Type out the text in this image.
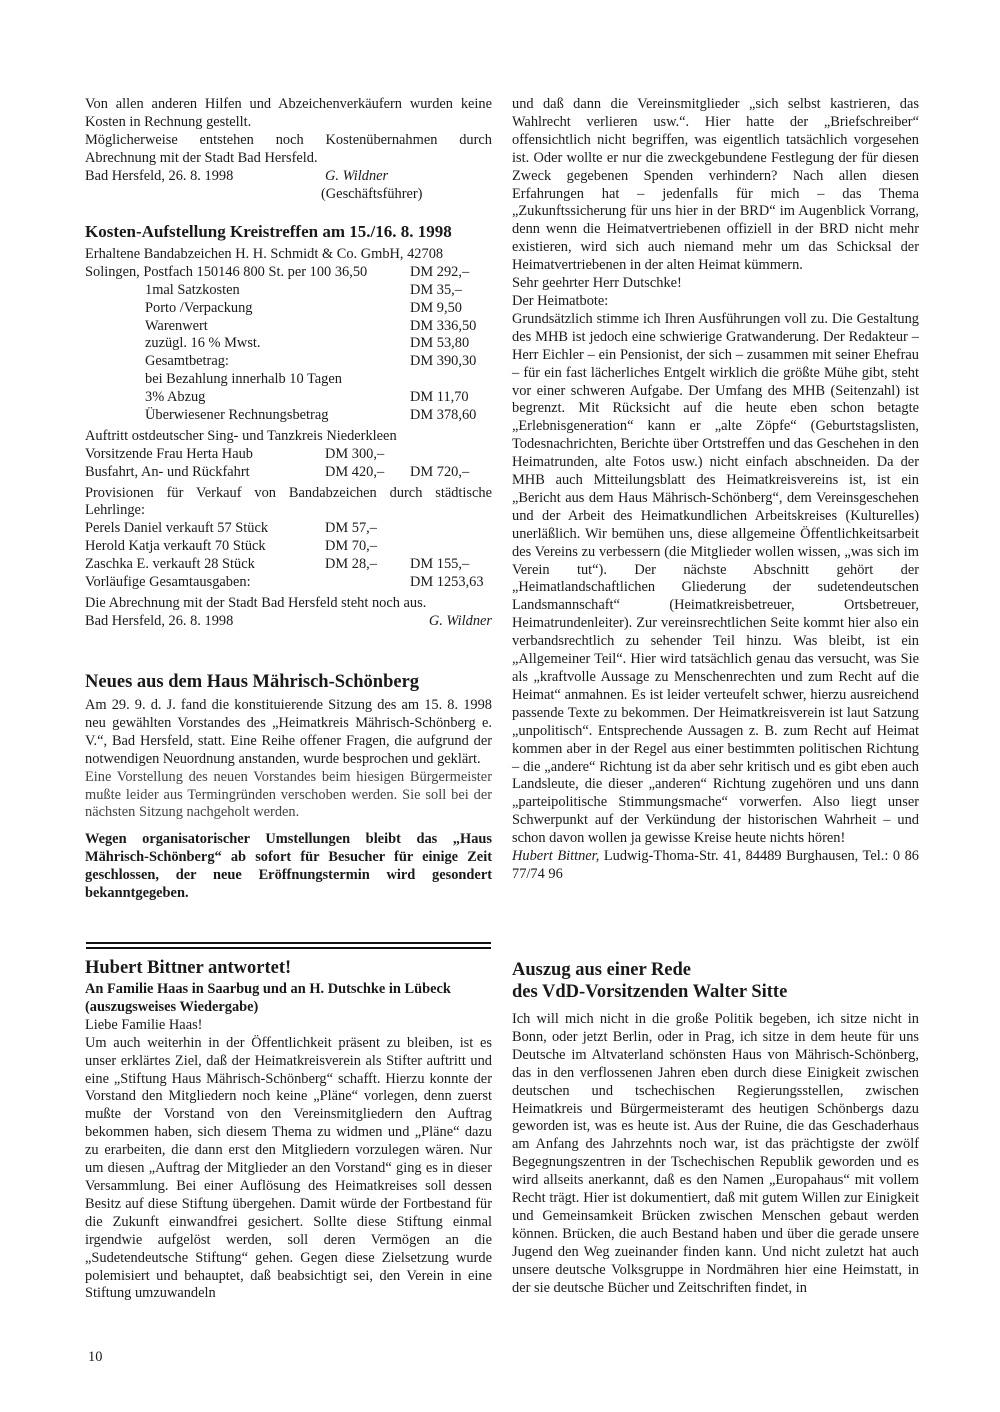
Von allen anderen Hilfen und Abzeichenverkäufern wurden keine Kosten in Rechnung gestellt.

Möglicherweise entstehen noch Kostenübernahmen durch Abrechnung mit der Stadt Bad Hersfeld.

Bad Hersfeld, 26. 8. 1998	G. Wildner
(Geschäftsführer)

Kosten-Aufstellung Kreistreffen am 15./16. 8. 1998

Erhaltene Bandabzeichen H. H. Schmidt & Co. GmbH, 42708
Solingen, Postfach 150146 800 St. per 100 36,50	DM 292,–
1mal Satzkosten	DM 35,–
Porto /Verpackung	DM 9,50
Warenwert	DM 336,50
zuzügl. 16 % Mwst.	DM 53,80
Gesamtbetrag:	DM 390,30
bei Bezahlung innerhalb 10 Tagen
3% Abzug	DM 11,70
Überwiesener Rechnungsbetrag	DM 378,60
Auftritt ostdeutscher Sing- und Tanzkreis Niederkleen
Vorsitzende Frau Herta Haub	DM 300,–
Busfahrt, An- und Rückfahrt	DM 420,– DM 720,–

Provisionen für Verkauf von Bandabzeichen durch städtische Lehrlinge:

Perels Daniel verkauft 57 Stück	DM 57,–
Herold Katja verkauft 70 Stück	DM 70,–
Zaschka E. verkauft 28 Stück	DM 28,– DM 155,–
Vorläufige Gesamtausgaben:	DM 1253,63

Die Abrechnung mit der Stadt Bad Hersfeld steht noch aus.

Bad Hersfeld, 26. 8. 1998	G. Wildner

Neues aus dem Haus Mährisch-Schönberg

Am 29. 9. d. J. fand die konstituierende Sitzung des am 15. 8. 1998 neu gewählten Vorstandes des „Heimatkreis Mährisch-Schönberg e. V.“, Bad Hersfeld, statt. Eine Reihe offener Fragen, die aufgrund der notwendigen Neuordnung anstanden, wurde besprochen und geklärt.

Eine Vorstellung des neuen Vorstandes beim hiesigen Bürgermeister mußte leider aus Termingründen verschoben werden. Sie soll bei der nächsten Sitzung nachgeholt werden.

Wegen organisatorischer Umstellungen bleibt das „Haus Mährisch-Schönberg“ ab sofort für Besucher für einige Zeit geschlossen, der neue Eröffnungstermin wird gesondert bekanntgegeben.

Hubert Bittner antwortet!

An Familie Haas in Saarbug und an H. Dutschke in Lübeck

(auszugsweises Wiedergabe)

Liebe Familie Haas!

Um auch weiterhin in der Öffentlichkeit präsent zu bleiben, ist es unser erklärtes Ziel, daß der Heimatkreisverein als Stifter auftritt und eine „Stiftung Haus Mährisch-Schönberg“ schafft. Hierzu konnte der Vorstand den Mitgliedern noch keine „Pläne“ vorlegen, denn zuerst mußte der Vorstand von den Vereinsmitgliedern den Auftrag bekommen haben, sich diesem Thema zu widmen und „Pläne“ dazu zu erarbeiten, die dann erst den Mitgliedern vorzulegen wären. Nur um diesen „Auftrag der Mitglieder an den Vorstand“ ging es in dieser Versammlung. Bei einer Auflösung des Heimatkreises soll dessen Besitz auf diese Stiftung übergehen. Damit würde der Fortbestand für die Zukunft einwandfrei gesichert. Sollte diese Stiftung einmal irgendwie aufgelöst werden, soll deren Vermögen an die „Sudetendeutsche Stiftung“ gehen. Gegen diese Zielsetzung wurde polemisiert und behauptet, daß beabsichtigt sei, den Verein in eine Stiftung umzuwandeln

und daß dann die Vereinsmitglieder „sich selbst kastrieren, das Wahlrecht verlieren usw.“. Hier hatte der „Briefschreiber“ offensichtlich nicht begriffen, was eigentlich tatsächlich vorgesehen ist. Oder wollte er nur die zweckgebundene Festlegung der für diesen Zweck gegebenen Spenden verhindern? Nach allen diesen Erfahrungen hat – jedenfalls für mich – das Thema „Zukunftssicherung für uns hier in der BRD“ im Augenblick Vorrang, denn wenn die Heimatvertriebenen offiziell in der BRD nicht mehr existieren, wird sich auch niemand mehr um das Schicksal der Heimatvertriebenen in der alten Heimat kümmern.

Sehr geehrter Herr Dutschke!

Der Heimatbote:

Grundsätzlich stimme ich Ihren Ausführungen voll zu. Die Gestaltung des MHB ist jedoch eine schwierige Gratwanderung. Der Redakteur – Herr Eichler – ein Pensionist, der sich – zusammen mit seiner Ehefrau – für ein fast lächerliches Entgelt wirklich die größte Mühe gibt, steht vor einer schweren Aufgabe. Der Umfang des MHB (Seitenzahl) ist begrenzt. Mit Rücksicht auf die heute eben schon betagte „Erlebnisgeneration“ kann er „alte Zöpfe“ (Geburtstagslisten, Todesnachrichten, Berichte über Ortstreffen und das Geschehen in den Heimatrunden, alte Fotos usw.) nicht einfach abschneiden. Da der MHB auch Mitteilungsblatt des Heimatkreisvereins ist, ist ein „Bericht aus dem Haus Mährisch-Schönberg“, dem Vereinsgeschehen und der Arbeit des Heimatkundlichen Arbeitskreises (Kulturelles) unerläßlich. Wir bemühen uns, diese allgemeine Öffentlichkeitsarbeit des Vereins zu verbessern (die Mitglieder wollen wissen, „was sich im Verein tut“). Der nächste Abschnitt gehört der „Heimatlandschaftlichen Gliederung der sudetendeutschen Landsmannschaft“ (Heimatkreisbetreuer, Ortsbetreuer, Heimatrundenleiter). Zur vereinsrechtlichen Seite kommt hier also ein verbandsrechtlich zu sehender Teil hinzu. Was bleibt, ist ein „Allgemeiner Teil“. Hier wird tatsächlich genau das versucht, was Sie als „kraftvolle Aussage zu Menschenrechten und zum Recht auf die Heimat“ anmahnen. Es ist leider verteufelt schwer, hierzu ausreichend passende Texte zu bekommen. Der Heimatkreisverein ist laut Satzung „unpolitisch“. Entsprechende Aussagen z. B. zum Recht auf Heimat kommen aber in der Regel aus einer bestimmten politischen Richtung – die „andere“ Richtung ist da aber sehr kritisch und es gibt eben auch Landsleute, die dieser „anderen“ Richtung zugehören und uns dann „parteipolitische Stimmungsmache“ vorwerfen. Also liegt unser Schwerpunkt auf der Verkündung der historischen Wahrheit – und schon davon wollen ja gewisse Kreise heute nichts hören!

Hubert Bittner, Ludwig-Thoma-Str. 41, 84489 Burghausen, Tel.: 0 86 77/74 96

Auszug aus einer Rede

des VdD-Vorsitzenden Walter Sitte

Ich will mich nicht in die große Politik begeben, ich sitze nicht in Bonn, oder jetzt Berlin, oder in Prag, ich sitze in dem heute für uns Deutsche im Altvaterland schönsten Haus von Mährisch-Schönberg, das in den verflossenen Jahren eben durch diese Einigkeit zwischen deutschen und tschechischen Regierungsstellen, zwischen Heimatkreis und Bürgermeisteramt des heutigen Schönbergs dazu geworden ist, was es heute ist. Aus der Ruine, die das Geschaderhaus am Anfang des Jahrzehnts noch war, ist das prächtigste der zwölf Begegnungszentren in der Tschechischen Republik geworden und es wird allseits anerkannt, daß es den Namen „Europahaus“ mit vollem Recht trägt. Hier ist dokumentiert, daß mit gutem Willen zur Einigkeit und Gemeinsamkeit Brücken zwischen Menschen gebaut werden können. Brücken, die auch Bestand haben und über die gerade unsere Jugend den Weg zueinander finden kann. Und nicht zuletzt hat auch unsere deutsche Volksgruppe in Nordmähren hier eine Heimstatt, in der sie deutsche Bücher und Zeitschriften findet, in

10
